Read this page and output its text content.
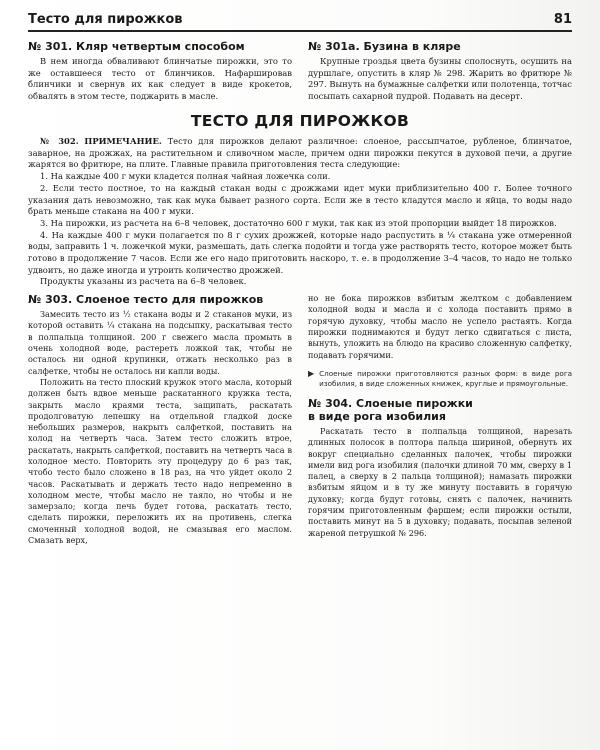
Тесто для пирожков	81
№ 301. Кляр четвертым способом

В нем иногда обваливают блинчатые пирожки, это то же оставшееся тесто от блинчиков. Нафаршировав блинчики и свернув их как следует в виде крокетов, обвалять в этом тесте, поджарить в масле.

№ 301а. Бузина в кляре

Крупные гроздья цвета бузины сполоснуть, осушить на дуршлаге, опустить в кляр № 298. Жарить во фритюре № 297. Вынуть на бумажные салфетки или полотенца, тотчас посыпать сахарной пудрой. Подавать на десерт.

ТЕСТО ДЛЯ ПИРОЖКОВ

№ 302. ПРИМЕЧАНИЕ. Тесто для пирожков делают различное: слоеное, рассыпчатое, рубленое, блинчатое, заварное, на дрожжах, на растительном и сливочном масле, причем одни пирожки пекутся в духовой печи, а другие жарятся во фритюре, на плите. Главные правила приготовления теста следующие:

1. На каждые 400 г муки кладется полная чайная ложечка соли.

2. Если тесто постное, то на каждый стакан воды с дрожжами идет муки приблизительно 400 г. Более точного указания дать невозможно, так как мука бывает разного сорта. Если же в тесто кладутся масло и яйца, то воды надо брать меньше стакана на 400 г муки.

3. На пирожки, из расчета на 6–8 человек, достаточно 600 г муки, так как из этой пропорции выйдет 18 пирожков.

4. На каждые 400 г муки полагается по 8 г сухих дрожжей, которые надо распустить в ¼ стакана уже отмеренной воды, заправить 1 ч. ложечкой муки, размешать, дать слегка подойти и тогда уже растворять тесто, которое может быть готово в продолжение 7 часов. Если же его надо приготовить наскоро, т. е. в продолжение 3–4 часов, то надо не только удвоить, но даже иногда и утроить количество дрожжей.

Продукты указаны из расчета на 6–8 человек.

№ 303. Слоеное тесто для пирожков

Замесить тесто из ½ стакана воды и 2 стаканов муки, из которой оставить ¼ стакана на подсыпку, раскатывая тесто в полпальца толщиной. 200 г свежего масла промыть в очень холодной воде, растереть ложкой так, чтобы не осталось ни одной крупинки, отжать несколько раз в салфетке, чтобы не осталось ни капли воды.

Положить на тесто плоский кружок этого масла, который должен быть вдвое меньше раскатанного кружка теста, закрыть масло краями теста, защипать, раскатать продолговатую лепешку на отдельной гладкой доске небольших размеров, накрыть салфеткой, поставить на холод на четверть часа. Затем тесто сложить втрое, раскатать, накрыть салфеткой, поставить на четверть часа в холодное место. Повторить эту процедуру до 6 раз так, чтобо тесто было сложено в 18 раз, на что уйдет около 2 часов. Раскатывать и держать тесто надо непременно в холодном месте, чтобы масло не таяло, но чтобы и не замерзало; когда печь будет готова, раскатать тесто, сделать пирожки, переложить их на противень, слегка смоченный холодной водой, не смазывая его маслом. Смазать верх,

но не бока пирожков взбитым желтком с добавлением холодной воды и масла и с холода поставить прямо в горячую духовку, чтобы масло не успело растаять. Когда пирожки поднимаются и будут легко сдвигаться с листа, вынуть, уложить на блюдо на красиво сложенную салфетку, подавать горячими.

▶ Слоеные пирожки приготовляются разных форм: в виде рога изобилия, в виде сложенных книжек, круглые и прямоугольные.
№ 304. Слоеные пирожки
в виде рога изобилия

Раскатать тесто в полпальца толщиной, нарезать длинных полосок в полтора пальца шириной, обернуть их вокруг специально сделанных палочек, чтобы пирожки имели вид рога изобилия (палочки длиной 70 мм, сверху в 1 палец, а сверху в 2 пальца толщиной); намазать пирожки взбитым яйцом и в ту же минуту поставить в горячую духовку; когда будут готовы, снять с палочек, начинить горячим приготовленным фаршем; если пирожки остыли, поставить минут на 5 в духовку; подавать, посыпав зеленой жареной петрушкой № 296.
